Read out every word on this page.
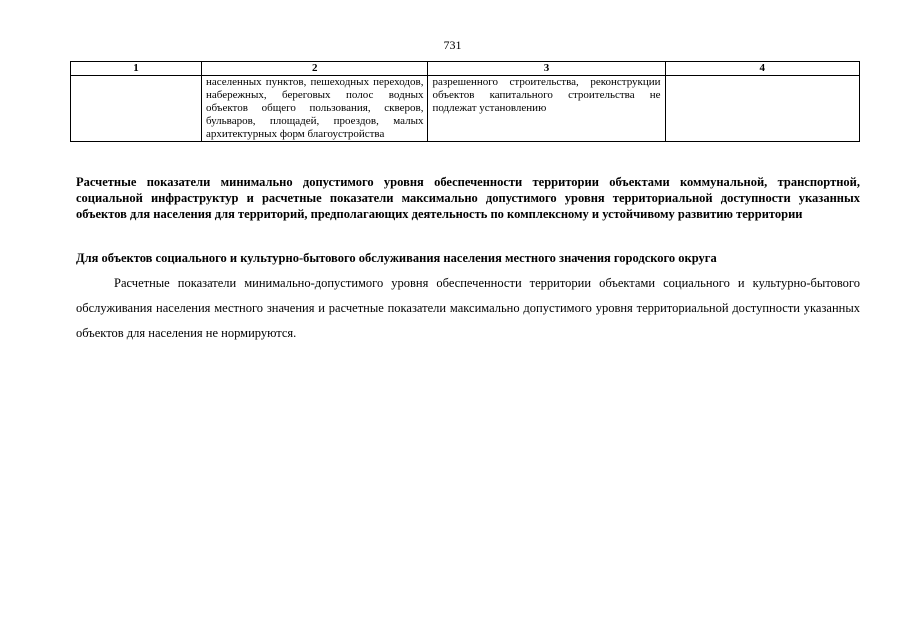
731
1	2	3	4
	населенных пунктов, пешеходных переходов, набережных, береговых полос водных объектов общего пользования, скверов, бульваров, площадей, проездов, малых архитектурных форм благоустройства	разрешенного строительства, реконструкции объектов капитального строительства не подлежат установлению	

Расчетные показатели минимально допустимого уровня обеспеченности территории объектами коммунальной, транспортной, социальной инфраструктур и расчетные показатели максимально допустимого уровня территориальной доступности указанных объектов для населения для территорий, предполагающих деятельность по комплексному и устойчивому развитию территории

Для объектов социального и культурно-бытового обслуживания населения местного значения городского округа

Расчетные показатели минимально-допустимого уровня обеспеченности территории объектами социального и культурно-бытового обслуживания населения местного значения и расчетные показатели максимально допустимого уровня территориальной доступности указанных объектов для населения не нормируются.
